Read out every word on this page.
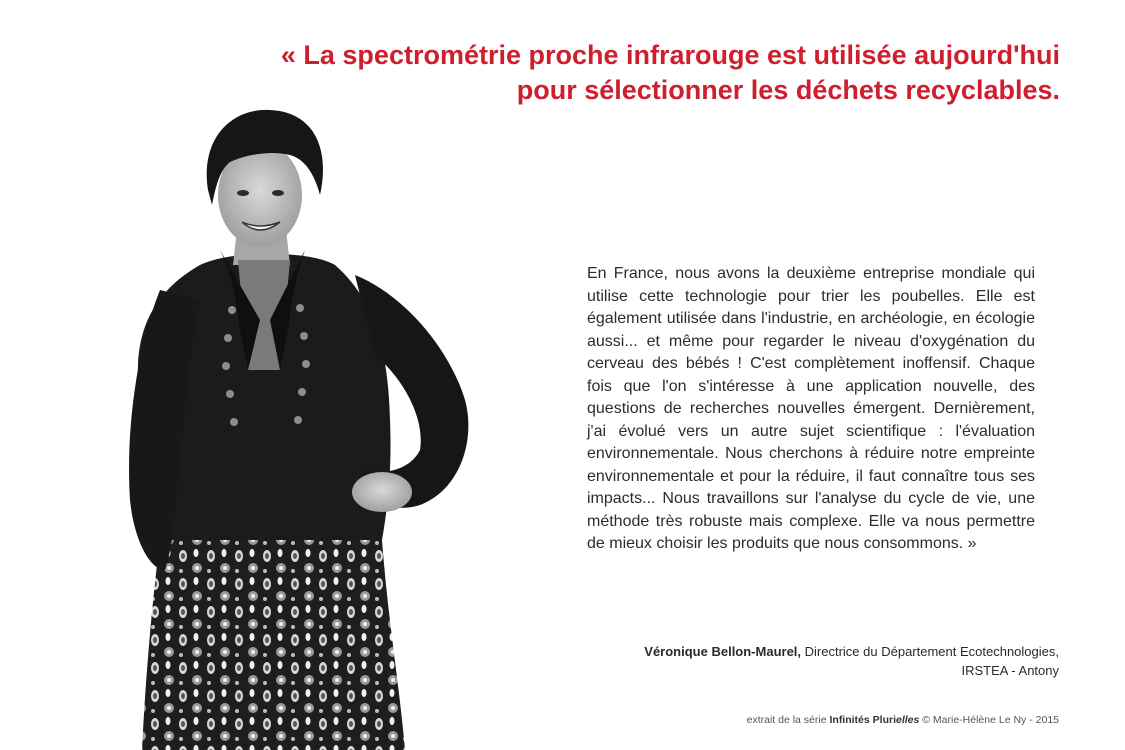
« La spectrométrie proche infrarouge est utilisée aujourd'hui
pour sélectionner les déchets recyclables.

En France, nous avons la deuxième entreprise mondiale qui utilise cette technologie pour trier les poubelles. Elle est également utilisée dans l'industrie, en archéologie, en écologie aussi... et même pour regarder le niveau d'oxygénation du cerveau des bébés ! C'est complètement inoffensif. Chaque fois que l'on s'intéresse à une application nouvelle, des questions de recherches nouvelles émergent. Dernièrement, j'ai évolué vers un autre sujet scientifique : l'évaluation environnementale. Nous cherchons à réduire notre empreinte environnementale et pour la réduire, il faut connaître tous ses impacts... Nous travaillons sur l'analyse du cycle de vie, une méthode très robuste mais complexe. Elle va nous permettre de mieux choisir les produits que nous consommons. »

Véronique Bellon-Maurel, Directrice du Département Ecotechnologies,
IRSTEA - Antony
extrait de la série Infinités Plurielles © Marie-Hélène Le Ny - 2015
